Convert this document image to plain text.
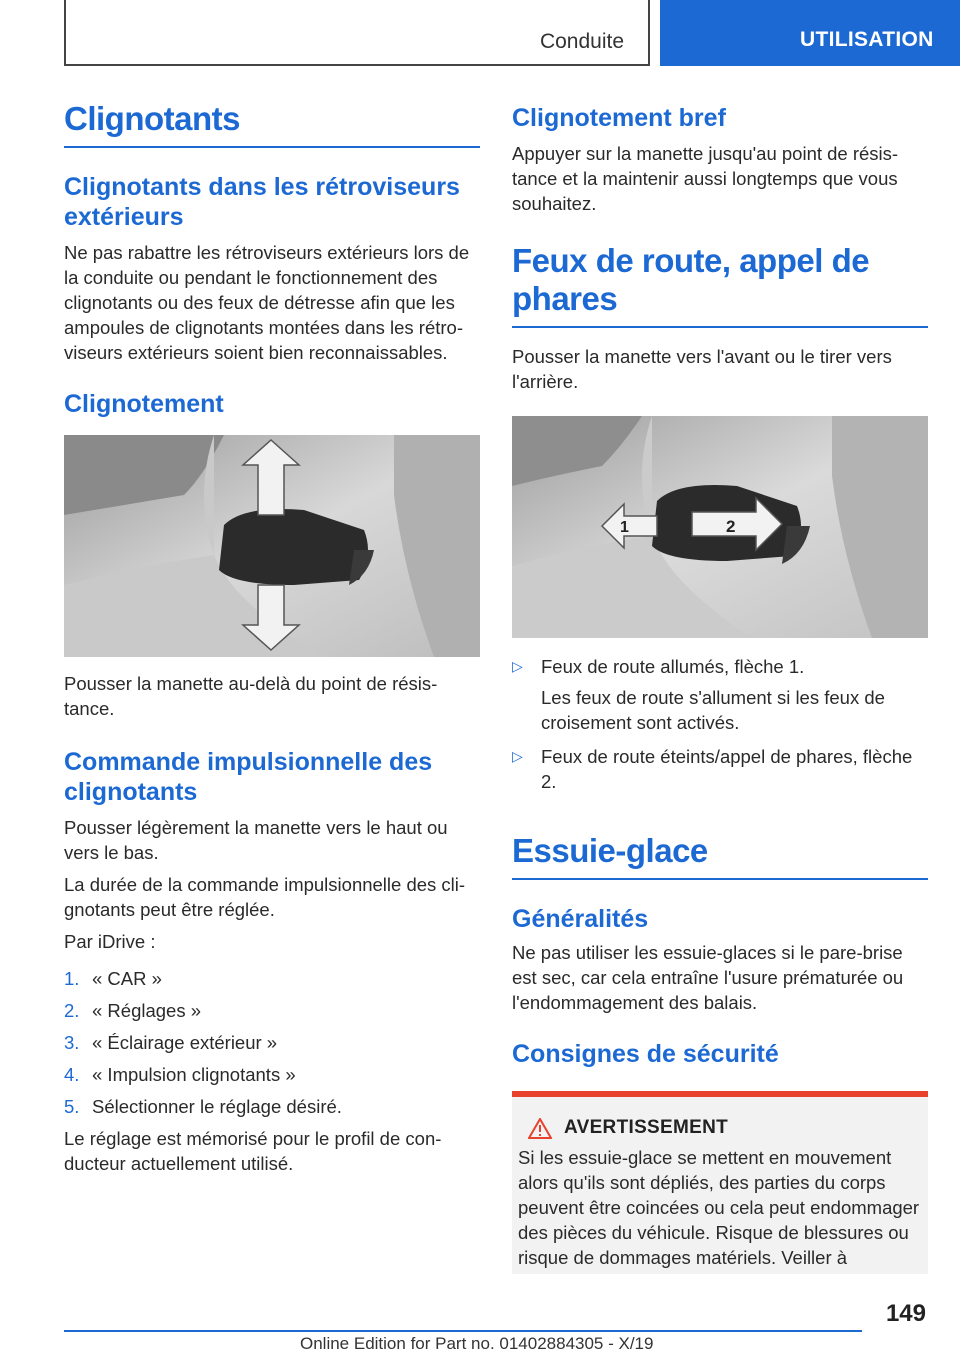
Conduite	UTILISATION
Clignotants
Clignotants dans les rétroviseurs extérieurs

Ne pas rabattre les rétroviseurs extérieurs lors de la conduite ou pendant le fonctionnement des clignotants ou des feux de détresse afin que les ampoules de clignotants montées dans les rétroviseurs extérieurs soient bien reconnaissables.

Clignotement

Pousser la manette au-delà du point de résistance.

Commande impulsionnelle des clignotants

Pousser légèrement la manette vers le haut ou vers le bas.

La durée de la commande impulsionnelle des clignotants peut être réglée.

Par iDrive :

1. « CAR »
2. « Réglages »
3. « Éclairage extérieur »
4. « Impulsion clignotants »
5. Sélectionner le réglage désiré.

Le réglage est mémorisé pour le profil de conducteur actuellement utilisé.

Clignotement bref

Appuyer sur la manette jusqu'au point de résistance et la maintenir aussi longtemps que vous souhaitez.

Feux de route, appel de phares

Pousser la manette vers l'avant ou le tirer vers l'arrière.

1	2
▷ Feux de route allumés, flèche 1.

Les feux de route s'allument si les feux de croisement sont activés.

▷ Feux de route éteints/appel de phares, flèche 2.
Essuie-glace
Généralités

Ne pas utiliser les essuie-glaces si le pare-brise est sec, car cela entraîne l'usure prématurée ou l'endommagement des balais.

Consignes de sécurité
AVERTISSEMENT

Si les essuie-glace se mettent en mouvement alors qu'ils sont dépliés, des parties du corps peuvent être coincées ou cela peut endommager des pièces du véhicule. Risque de blessures ou risque de dommages matériels. Veiller à

149
Online Edition for Part no. 01402884305 - X/19
